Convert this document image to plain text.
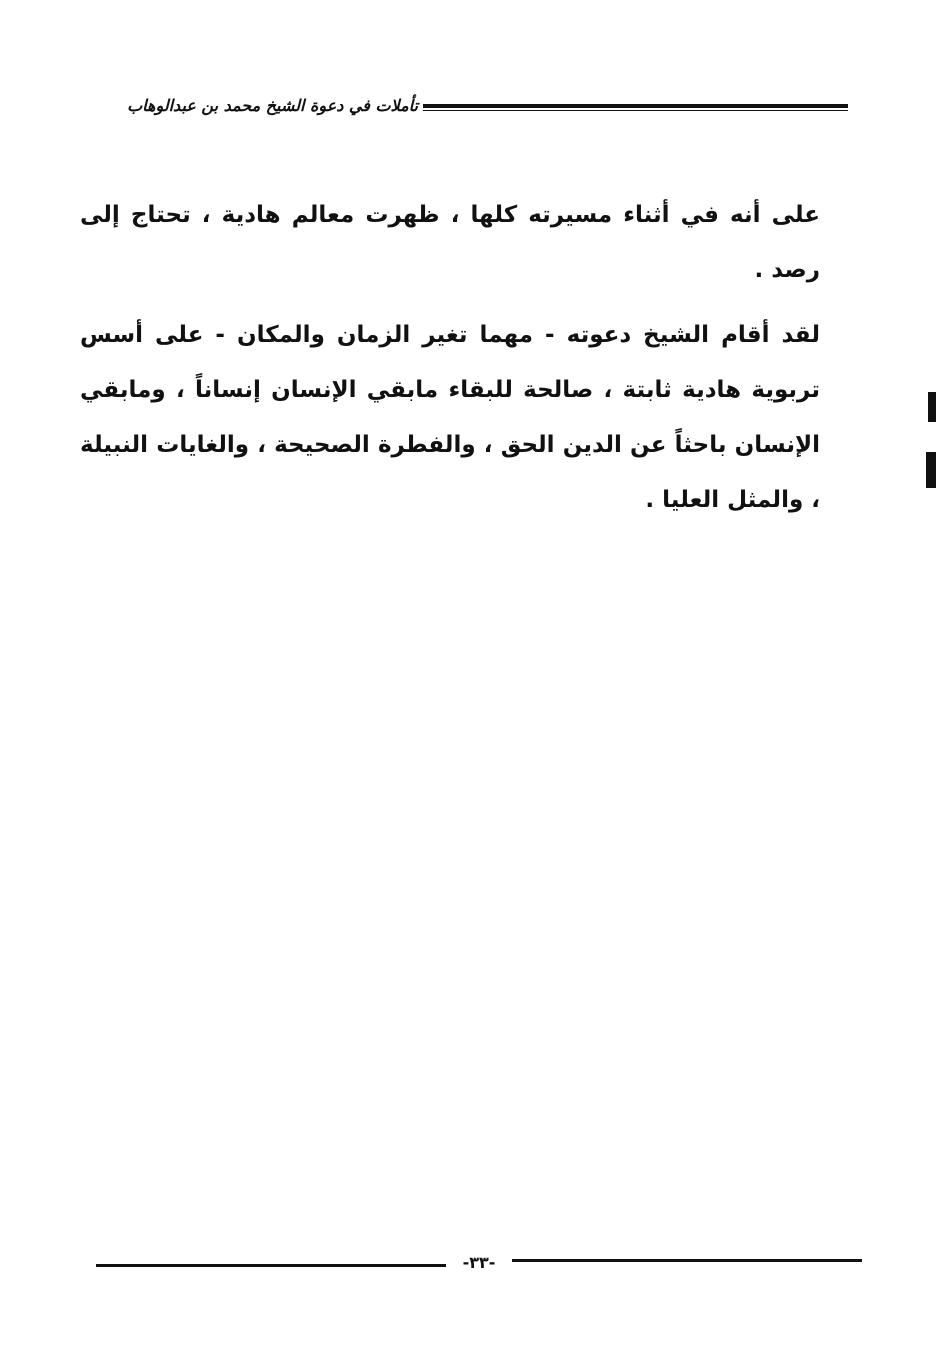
تأملات في دعوة الشيخ محمد بن عبدالوهاب

على أنه في أثناء مسيرته كلها ، ظهرت معالم هادية ، تحتاج إلى رصد .

لقد أقام الشيخ دعوته - مهما تغير الزمان والمكان - على أسس تربوية هادية ثابتة ، صالحة للبقاء مابقي الإنسان إنساناً ، ومابقي الإنسان باحثاً عن الدين الحق ، والفطرة الصحيحة ، والغايات النبيلة ، والمثل العليا .

-٣٣-
